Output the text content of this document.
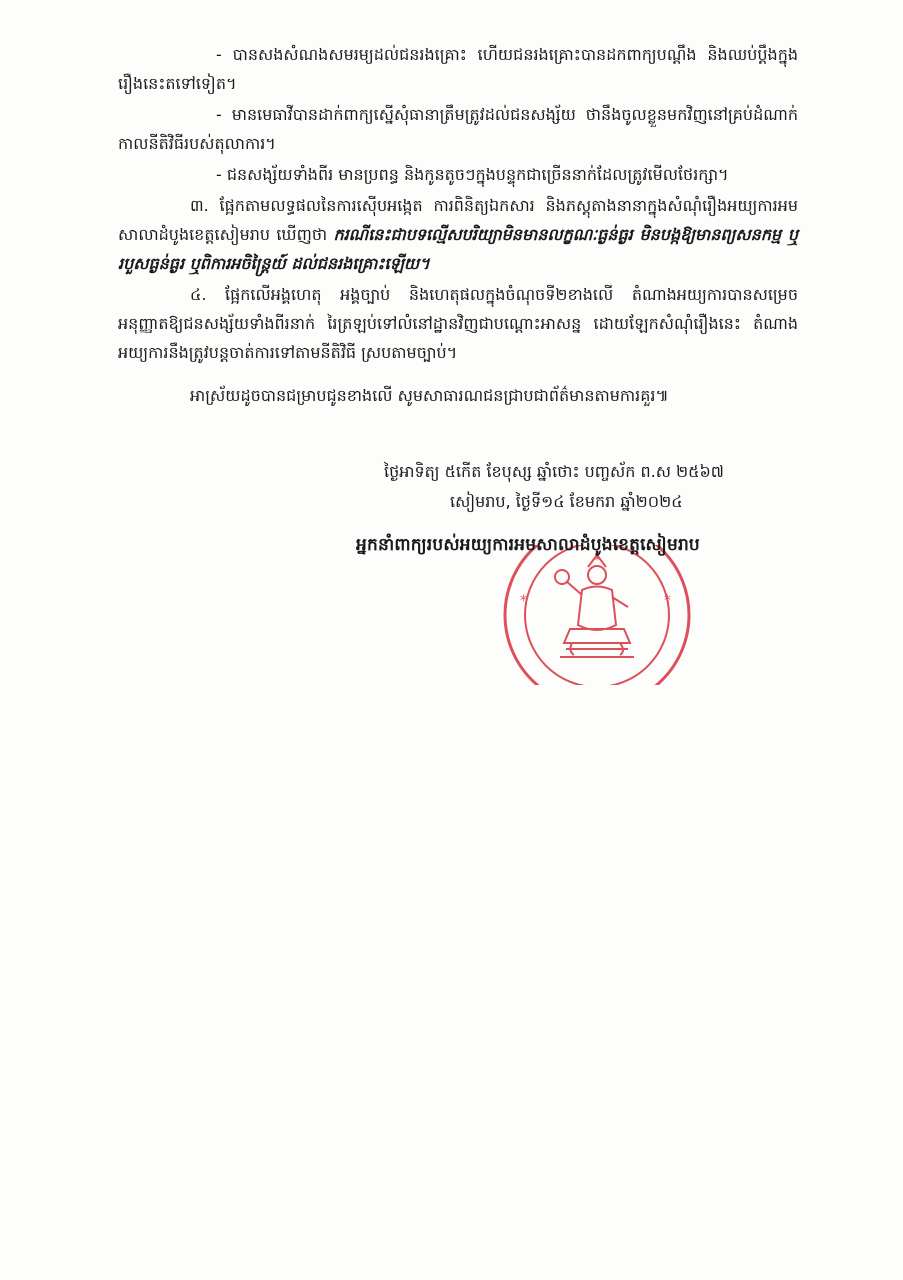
- បានសងសំណងសមរម្យដល់ជនរងគ្រោះ ហើយជនរងគ្រោះបានដកពាក្យបណ្តឹង និងឈប់ប្តឹងក្នុងរឿងនេះតទៅទៀត។

- មានមេធាវីបានដាក់ពាក្យស្នើសុំធានាត្រឹមត្រូវដល់ជនសង្ស័យ ថានឹងចូលខ្លួនមកវិញនៅគ្រប់ដំណាក់កាលនីតិវិធីរបស់តុលាការ។

- ជនសង្ស័យទាំងពីរ មានប្រពន្ធ និងកូនតូចៗក្នុងបន្ទុកជាច្រើននាក់ដែលត្រូវមើលថែរក្សា។

៣. ផ្អែកតាមលទ្ធផលនៃការស៊ើបអង្កេត ការពិនិត្យឯកសារ និងភស្តុតាងនានាក្នុងសំណុំរឿងអយ្យការអមសាលាដំបូងខេត្តសៀមរាប ឃើញថា ករណីនេះជាបទល្មើសបរិយ្យាមិនមានលក្ខណៈធ្ងន់ធ្ងរ មិនបង្កឱ្យមានព្យសនកម្ម ឬរបួសធ្ងន់ធ្ងរ ឬពិការអចិន្ត្រៃយ៍ ដល់ជនរងគ្រោះឡើយ។

៤. ផ្អែកលើអង្គហេតុ អង្គច្បាប់ និងហេតុផលក្នុងចំណុចទី២ខាងលើ តំណាងអយ្យការបានសម្រេចអនុញ្ញាតឱ្យជនសង្ស័យទាំងពីរនាក់ រៃត្រឡប់ទៅលំនៅដ្ឋានវិញជាបណ្តោះអាសន្ន ដោយឡែកសំណុំរឿងនេះ តំណាងអយ្យការនឹងត្រូវបន្តចាត់ការទៅតាមនីតិវិធី ស្របតាមច្បាប់។

អាស្រ័យដូចបានជម្រាបជូនខាងលើ សូមសាធារណជនជ្រាបជាព័ត៌មានតាមការគួរ៕

ថ្ងៃអាទិត្យ ៥កើត ខែបុស្ស ឆ្នាំថោះ បញ្ចស័ក ព.ស ២៥៦៧
សៀមរាប, ថ្ងៃទី១៤ ខែមករា ឆ្នាំ២០២៤
*
*	*
អ្នកនាំពាក្យរបស់អយ្យការអមសាលាដំបូងខេត្តសៀមរាប
